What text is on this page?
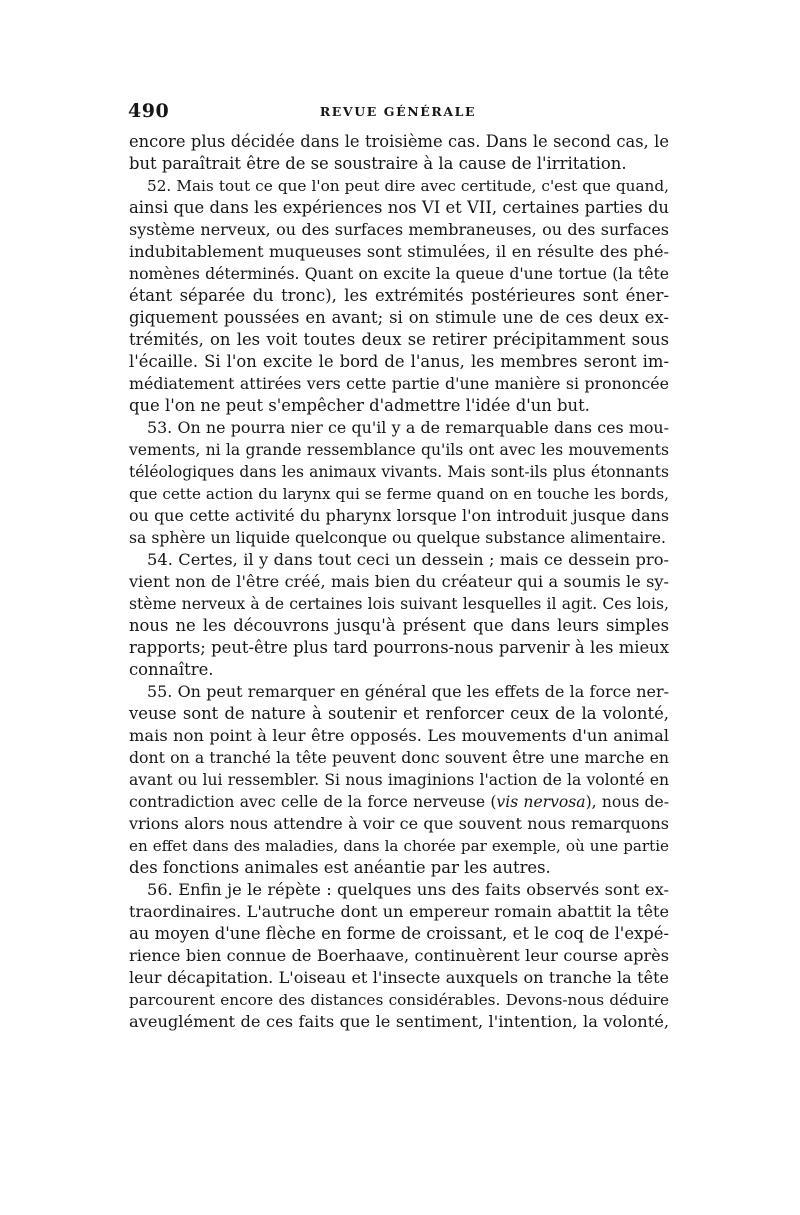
490	REVUE GÉNÉRALE
encore plus décidée dans le troisième cas. Dans le second cas, le
but paraîtrait être de se soustraire à la cause de l'irritation.
52. Mais tout ce que l'on peut dire avec certitude, c'est que quand,
ainsi que dans les expériences nos VI et VII, certaines parties du
système nerveux, ou des surfaces membraneuses, ou des surfaces
indubitablement muqueuses sont stimulées, il en résulte des phé-
nomènes déterminés. Quant on excite la queue d'une tortue (la tête
étant séparée du tronc), les extrémités postérieures sont éner-
giquement poussées en avant; si on stimule une de ces deux ex-
trémités, on les voit toutes deux se retirer précipitamment sous
l'écaille. Si l'on excite le bord de l'anus, les membres seront im-
médiatement attirées vers cette partie d'une manière si prononcée
que l'on ne peut s'empêcher d'admettre l'idée d'un but.
53. On ne pourra nier ce qu'il y a de remarquable dans ces mou-
vements, ni la grande ressemblance qu'ils ont avec les mouvements
téléologiques dans les animaux vivants. Mais sont-ils plus étonnants
que cette action du larynx qui se ferme quand on en touche les bords,
ou que cette activité du pharynx lorsque l'on introduit jusque dans
sa sphère un liquide quelconque ou quelque substance alimentaire.
54. Certes, il y dans tout ceci un dessein ; mais ce dessein pro-
vient non de l'être créé, mais bien du créateur qui a soumis le sy-
stème nerveux à de certaines lois suivant lesquelles il agit. Ces lois,
nous ne les découvrons jusqu'à présent que dans leurs simples
rapports; peut-être plus tard pourrons-nous parvenir à les mieux
connaître.
55. On peut remarquer en général que les effets de la force ner-
veuse sont de nature à soutenir et renforcer ceux de la volonté,
mais non point à leur être opposés. Les mouvements d'un animal
dont on a tranché la tête peuvent donc souvent être une marche en
avant ou lui ressembler. Si nous imaginions l'action de la volonté en
contradiction avec celle de la force nerveuse (vis nervosa), nous de-
vrions alors nous attendre à voir ce que souvent nous remarquons
en effet dans des maladies, dans la chorée par exemple, où une partie
des fonctions animales est anéantie par les autres.
56. Enfin je le répète : quelques uns des faits observés sont ex-
traordinaires. L'autruche dont un empereur romain abattit la tête
au moyen d'une flèche en forme de croissant, et le coq de l'expé-
rience bien connue de Boerhaave, continuèrent leur course après
leur décapitation. L'oiseau et l'insecte auxquels on tranche la tête
parcourent encore des distances considérables. Devons-nous déduire
aveuglément de ces faits que le sentiment, l'intention, la volonté,
